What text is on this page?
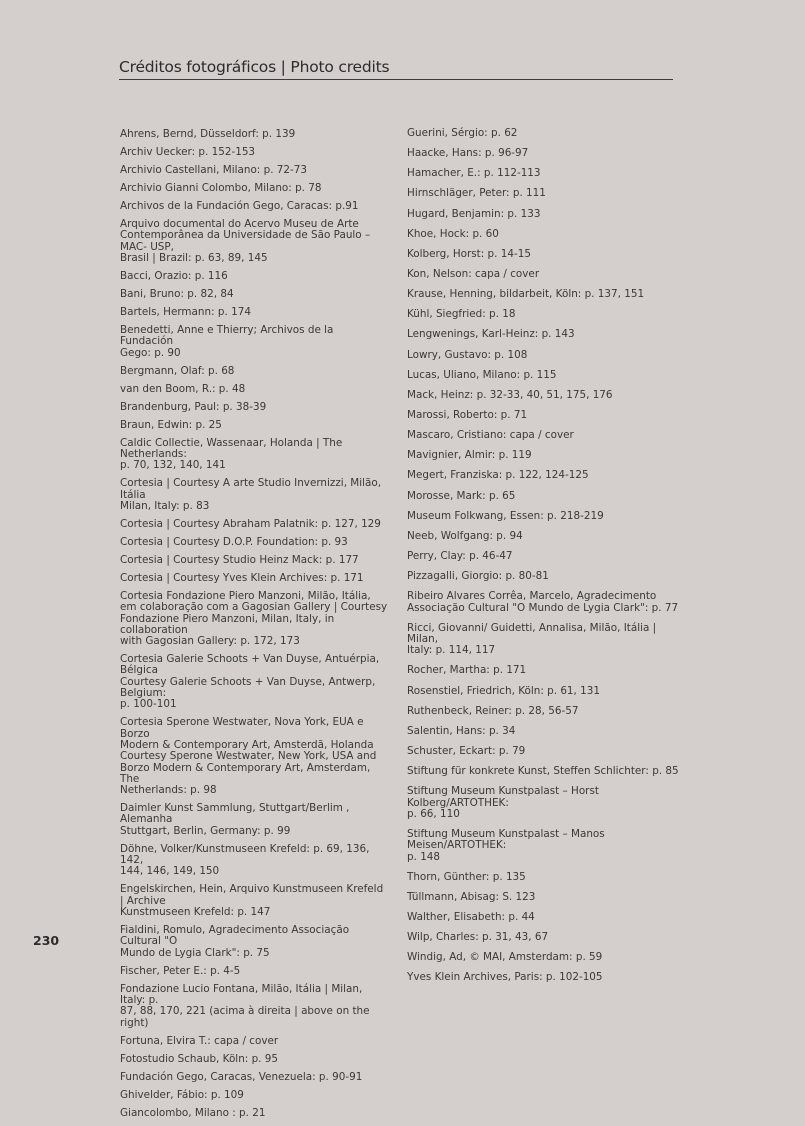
Créditos fotográficos | Photo credits

Ahrens, Bernd, Düsseldorf: p. 139

Archiv Uecker: p. 152-153

Archivio Castellani, Milano: p. 72-73

Archivio Gianni Colombo, Milano: p. 78

Archivos de la Fundación Gego, Caracas: p.91

Arquivo documental do Acervo Museu de Arte
Contemporânea da Universidade de São Paulo – MAC- USP,
Brasil | Brazil: p. 63, 89, 145

Bacci, Orazio: p. 116

Bani, Bruno: p. 82, 84

Bartels, Hermann: p. 174

Benedetti, Anne e Thierry; Archivos de la Fundación
Gego: p. 90

Bergmann, Olaf: p. 68

van den Boom, R.: p. 48

Brandenburg, Paul: p. 38-39

Braun, Edwin: p. 25

Caldic Collectie, Wassenaar, Holanda | The Netherlands:
p. 70, 132, 140, 141

Cortesia | Courtesy A arte Studio Invernizzi, Milão, Itália
Milan, Italy: p. 83

Cortesia | Courtesy Abraham Palatnik: p. 127, 129

Cortesia | Courtesy D.O.P. Foundation: p. 93

Cortesia | Courtesy Studio Heinz Mack: p. 177

Cortesia | Courtesy Yves Klein Archives: p. 171

Cortesia Fondazione Piero Manzoni, Milão, Itália,
em colaboração com a Gagosian Gallery | Courtesy
Fondazione Piero Manzoni, Milan, Italy, in collaboration
with Gagosian Gallery: p. 172, 173

Cortesia Galerie Schoots + Van Duyse, Antuérpia, Bélgica
Courtesy Galerie Schoots + Van Duyse, Antwerp, Belgium:
p. 100-101

Cortesia Sperone Westwater, Nova York, EUA e Borzo
Modern & Contemporary Art, Amsterdã, Holanda
Courtesy Sperone Westwater, New York, USA and
Borzo Modern & Contemporary Art, Amsterdam, The
Netherlands: p. 98

Daimler Kunst Sammlung, Stuttgart/Berlim , Alemanha
Stuttgart, Berlin, Germany: p. 99

Döhne, Volker/Kunstmuseen Krefeld: p. 69, 136, 142,
144, 146, 149, 150

Engelskirchen, Hein, Arquivo Kunstmuseen Krefeld | Archive
Kunstmuseen Krefeld: p. 147

Fialdini, Romulo, Agradecimento Associação Cultural "O
Mundo de Lygia Clark": p. 75

Fischer, Peter E.: p. 4-5

Fondazione Lucio Fontana, Milão, Itália | Milan, Italy: p.
87, 88, 170, 221 (acima à direita | above on the right)

Fortuna, Elvira T.: capa / cover

Fotostudio Schaub, Köln: p. 95

Fundación Gego, Caracas, Venezuela: p. 90-91

Ghivelder, Fábio: p. 109

Giancolombo, Milano : p. 21

Guerini, Sérgio: p. 62

Haacke, Hans: p. 96-97

Hamacher, E.: p. 112-113

Hirnschläger, Peter: p. 111

Hugard, Benjamin: p. 133

Khoe, Hock: p. 60

Kolberg, Horst: p. 14-15

Kon, Nelson: capa / cover

Krause, Henning, bildarbeit, Köln: p. 137, 151

Kühl, Siegfried: p. 18

Lengwenings, Karl-Heinz: p. 143

Lowry, Gustavo: p. 108

Lucas, Uliano, Milano: p. 115

Mack, Heinz: p. 32-33, 40, 51, 175, 176

Marossi, Roberto: p. 71

Mascaro, Cristiano: capa / cover

Mavignier, Almir: p. 119

Megert, Franziska: p. 122, 124-125

Morosse, Mark: p. 65

Museum Folkwang, Essen: p. 218-219

Neeb, Wolfgang: p. 94

Perry, Clay: p. 46-47

Pizzagalli, Giorgio: p. 80-81

Ribeiro Alvares Corrêa, Marcelo, Agradecimento
Associação Cultural "O Mundo de Lygia Clark": p. 77

Ricci, Giovanni/ Guidetti, Annalisa, Milão, Itália | Milan,
Italy: p. 114, 117

Rocher, Martha: p. 171

Rosenstiel, Friedrich, Köln: p. 61, 131

Ruthenbeck, Reiner: p. 28, 56-57

Salentin, Hans: p. 34

Schuster, Eckart: p. 79

Stiftung für konkrete Kunst, Steffen Schlichter: p. 85

Stiftung Museum Kunstpalast – Horst Kolberg/ARTOTHEK:
p. 66, 110

Stiftung Museum Kunstpalast – Manos Meisen/ARTOTHEK:
p. 148

Thorn, Günther: p. 135

Tüllmann, Abisag: S. 123

Walther, Elisabeth: p. 44

Wilp, Charles: p. 31, 43, 67

Windig, Ad, © MAI, Amsterdam: p. 59

Yves Klein Archives, Paris: p. 102-105

230
